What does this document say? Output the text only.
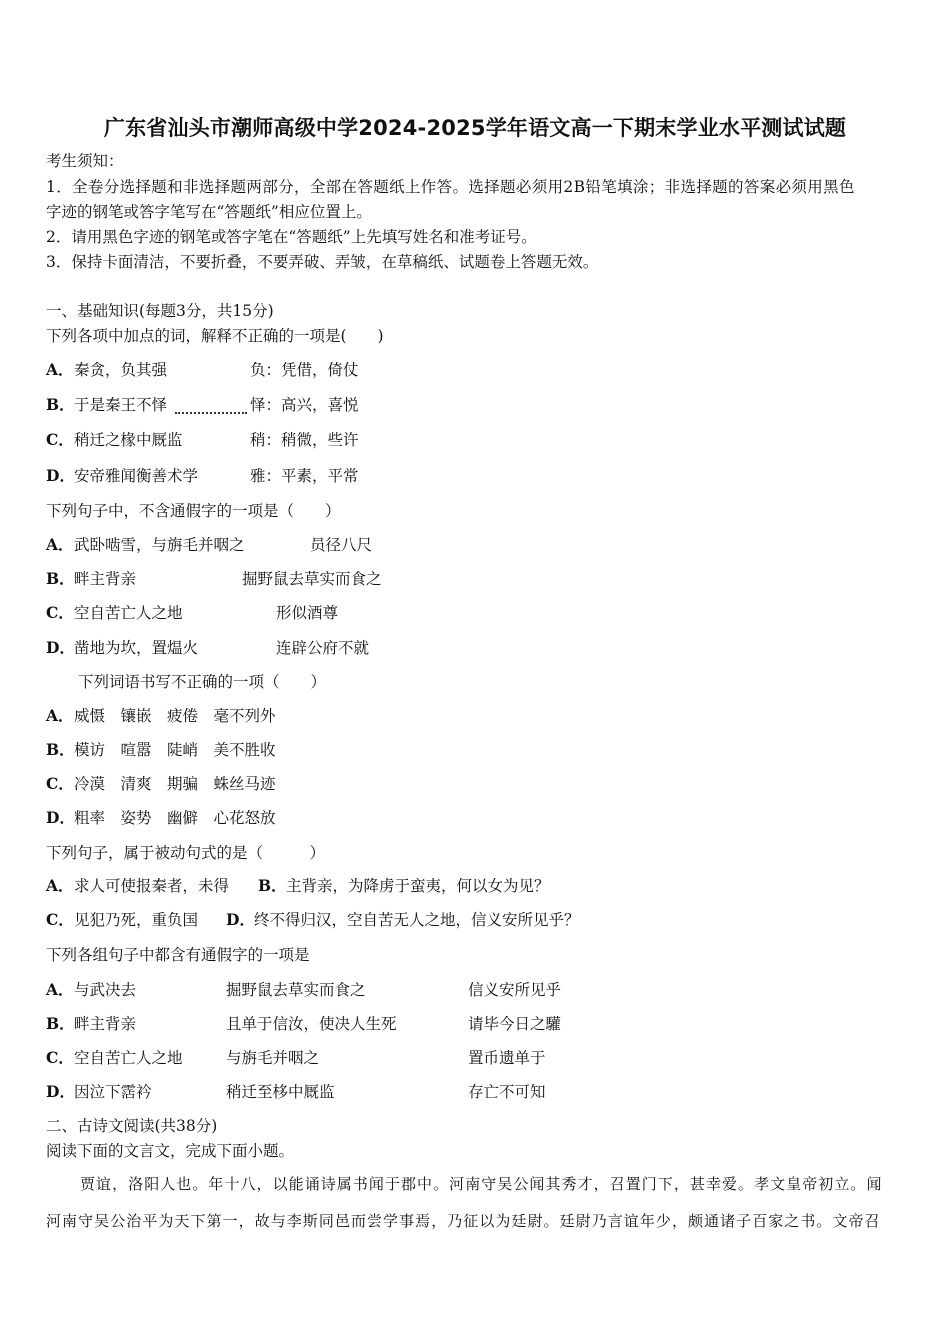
广东省汕头市潮师高级中学2024-2025学年语文高一下期末学业水平测试试题
考生须知：
1．全卷分选择题和非选择题两部分，全部在答题纸上作答。选择题必须用2B铅笔填涂；非选择题的答案必须用黑色
字迹的钢笔或答字笔写在“答题纸”相应位置上。
2．请用黑色字迹的钢笔或答字笔在“答题纸”上先填写姓名和准考证号。
3．保持卡面清洁，不要折叠，不要弄破、弄皱，在草稿纸、试题卷上答题无效。
一、基础知识(每题3分，共15分)
下列各项中加点的词，解释不正确的一项是(　　)
A． 秦贪，负其强	负：凭借，倚仗
B． 于是秦王不怿	怿：高兴，喜悦
C． 稍迁之椽中厩监	稍：稍微，些许
D． 安帝雅闻衡善术学	雅：平素，平常
下列句子中，不含通假字的一项是（　　）
A． 武卧啮雪，与旃毛并咽之	员径八尺
B． 畔主背亲	掘野鼠去草实而食之
C． 空自苦亡人之地	形似酒尊
D． 凿地为坎，置煴火	连辟公府不就
下列词语书写不正确的一项（　　）
A． 威慑　镶嵌　疲倦　毫不列外
B． 模访　喧嚣　陡峭　美不胜收
C． 冷漠　清爽　期骗　蛛丝马迹
D． 粗率　姿势　幽僻　心花怒放
下列句子，属于被动句式的是（　　　）
A． 求人可使报秦者，未得 B． 主背亲，为降虏于蛮夷，何以女为见？
C． 见犯乃死，重负国 D． 终不得归汉，空自苦无人之地，信义安所见乎？
下列各组句子中都含有通假字的一项是
A． 与武决去	掘野鼠去草实而食之	信义安所见乎
B． 畔主背亲	且单于信汝，使决人生死	请毕今日之驩
C． 空自苦亡人之地	与旃毛并咽之	置币遗单于
D． 因泣下霑衿	稍迁至栘中厩监	存亡不可知
二、古诗文阅读(共38分)
阅读下面的文言文，完成下面小题。
贾谊，洛阳人也。年十八，以能诵诗属书闻于郡中。河南守吴公闻其秀才，召置门下，甚幸爱。孝文皇帝初立。闻
河南守吴公治平为天下第一，故与李斯同邑而尝学事焉，乃征以为廷尉。廷尉乃言谊年少，颇通诸子百家之书。文帝召
